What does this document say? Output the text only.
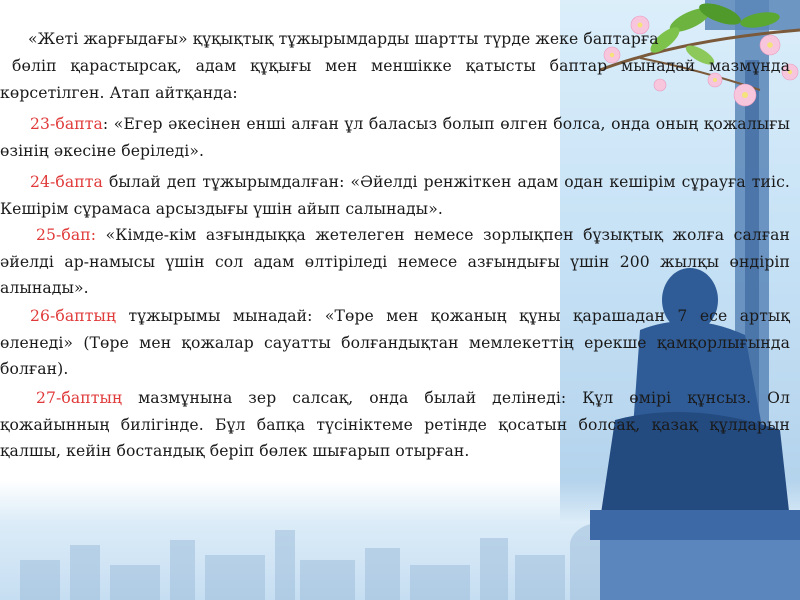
«Жеті жарғыдағы» құқықтық тұжырымдарды шартты түрде жеке баптарға

бөліп қарастырсақ, адам құқығы мен меншікке қатысты баптар мынадай мазмұнда көрсетілген. Атап айтқанда:

23-бапта: «Егер әкесінен енші алған ұл баласыз болып өлген болса, онда оның қожалығы өзінің әкесіне беріледі».

24-бапта былай деп тұжырымдалған: «Әйелді ренжіткен адам одан кешірім сұрауға тиіс. Кешірім сұрамаса арсыздығы үшін айып салынады».

25-бап: «Кімде-кім азғындыққа жетелеген немесе зорлықпен бұзықтық жолға салған әйелді ар-намысы үшін сол адам өлтіріледі немесе азғындығы үшін 200 жылқы өндіріп алынады».

26-баптың тұжырымы мынадай: «Төре мен қожаның құны қарашадан 7 есе артық өленеді» (Төре мен қожалар сауатты болғандықтан мемлекеттің ерекше қамқорлығында болған).

27-баптың мазмұнына зер салсақ, онда былай делінеді: Құл өмірі құнсыз. Ол қожайынның билігінде. Бұл бапқа түсініктеме ретінде қосатын болсақ, қазақ құлдарын қалшы, кейін бостандық беріп бөлек шығарып отырған.
